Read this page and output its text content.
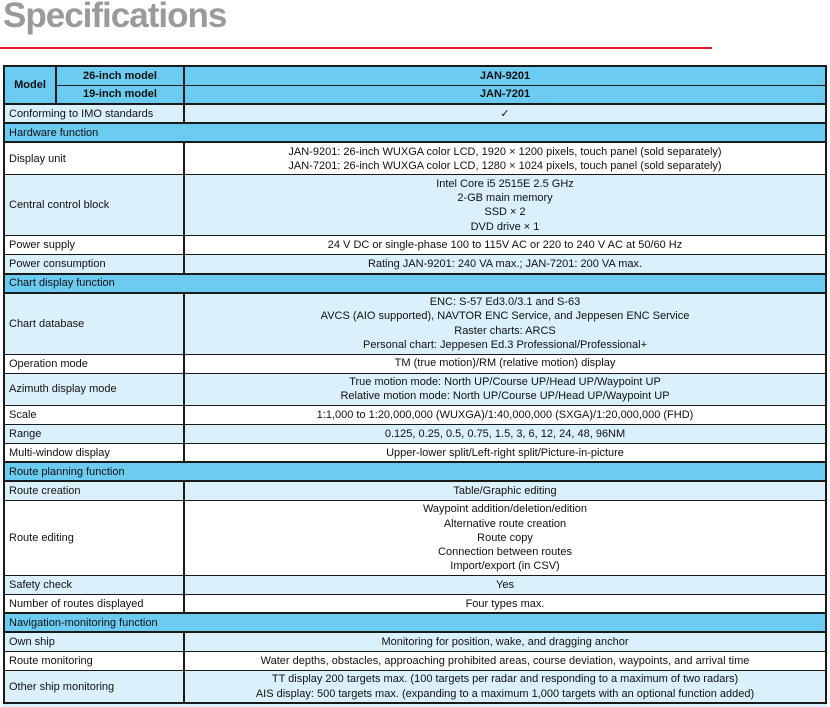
Specifications
Model	26-inch model	JAN-9201
	19-inch model	JAN-7201
Conforming to IMO standards		✓
Hardware function		
Display unit		JAN-9201: 26-inch WUXGA color LCD, 1920 × 1200 pixels, touch panel (sold separately)
JAN-7201: 26-inch WUXGA color LCD, 1280 × 1024 pixels, touch panel (sold separately)

Central control block		Intel Core i5 2515E 2.5 GHz
2-GB main memory
SSD × 2
DVD drive × 1

Power supply		24 V DC or single-phase 100 to 115V AC or 220 to 240 V AC at 50/60 Hz

Power consumption		Rating JAN-9201: 240 VA max.; JAN-7201: 200 VA max.

Chart display function		
Chart database		ENC: S-57 Ed3.0/3.1 and S-63
AVCS (AIO supported), NAVTOR ENC Service, and Jeppesen ENC Service
Raster charts: ARCS
Personal chart: Jeppesen Ed.3 Professional/Professional+

Operation mode		TM (true motion)/RM (relative motion) display

Azimuth display mode		True motion mode: North UP/Course UP/Head UP/Waypoint UP
Relative motion mode: North UP/Course UP/Head UP/Waypoint UP

Scale		1:1,000 to 1:20,000,000 (WUXGA)/1:40,000,000 (SXGA)/1:20,000,000 (FHD)

Range		0.125, 0.25, 0.5, 0.75, 1.5, 3, 6, 12, 24, 48, 96NM

Multi-window display		Upper-lower split/Left-right split/Picture-in-picture

Route planning function		
Route creation		Table/Graphic editing

Route editing		Waypoint addition/deletion/edition
Alternative route creation
Route copy
Connection between routes
Import/export (in CSV)

Safety check		Yes

Number of routes displayed		Four types max.

Navigation-monitoring function		
Own ship		Monitoring for position, wake, and dragging anchor

Route monitoring		Water depths, obstacles, approaching prohibited areas, course deviation, waypoints, and arrival time

Other ship monitoring		TT display 200 targets max. (100 targets per radar and responding to a maximum of two radars)
AIS display: 500 targets max. (expanding to a maximum 1,000 targets with an optional function added)
